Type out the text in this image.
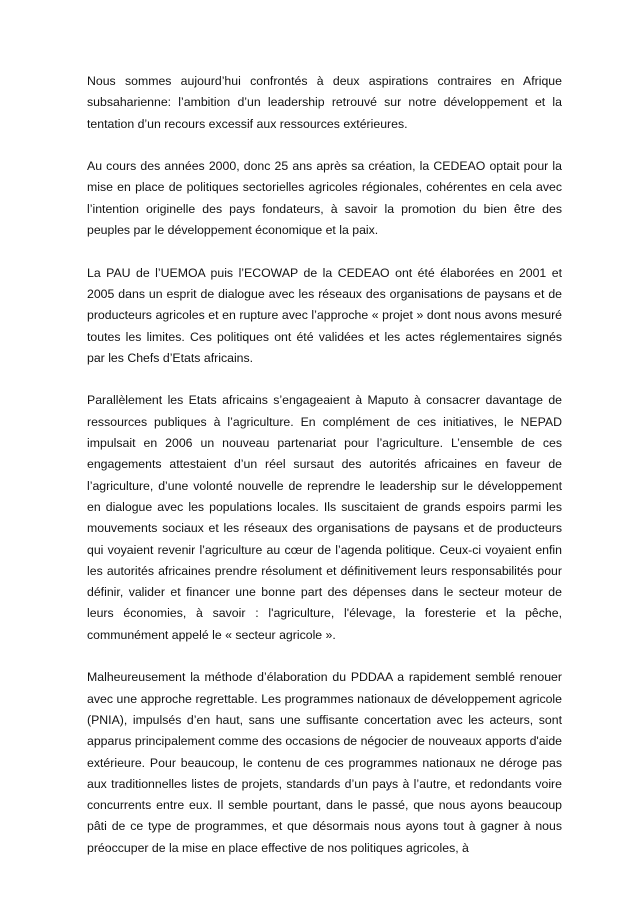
Nous sommes aujourd’hui confrontés à deux aspirations contraires en Afrique subsaharienne: l’ambition d’un leadership retrouvé sur notre développement et la tentation d’un recours excessif aux ressources extérieures.

Au cours des années 2000, donc 25 ans après sa création, la CEDEAO optait pour la mise en place de politiques sectorielles agricoles régionales, cohérentes en cela avec l’intention originelle des pays fondateurs, à savoir la promotion du bien être des peuples par le développement économique et la paix.

La PAU de l’UEMOA puis l’ECOWAP de la CEDEAO ont été élaborées en 2001 et 2005 dans un esprit de dialogue avec les réseaux des organisations de paysans et de producteurs agricoles et en rupture avec l’approche « projet » dont nous avons mesuré toutes les limites. Ces politiques ont été validées et les actes réglementaires signés par les Chefs d’Etats africains.

Parallèlement les Etats africains s’engageaient à Maputo à consacrer davantage de ressources publiques à l’agriculture. En complément de ces initiatives, le NEPAD impulsait en 2006 un nouveau partenariat pour l’agriculture. L’ensemble de ces engagements attestaient d’un réel sursaut des autorités africaines en faveur de l’agriculture, d’une volonté nouvelle de reprendre le leadership sur le développement en dialogue avec les populations locales. Ils suscitaient de grands espoirs parmi les mouvements sociaux et les réseaux des organisations de paysans et de producteurs qui voyaient revenir l’agriculture au cœur de l’agenda politique. Ceux-ci voyaient enfin les autorités africaines prendre résolument et définitivement leurs responsabilités pour définir, valider et financer une bonne part des dépenses dans le secteur moteur de leurs économies, à savoir : l'agriculture, l'élevage, la foresterie et la pêche, communément appelé le « secteur agricole ».

Malheureusement la méthode d’élaboration du PDDAA a rapidement semblé renouer avec une approche regrettable. Les programmes nationaux de développement agricole (PNIA), impulsés d’en haut, sans une suffisante concertation avec les acteurs, sont apparus principalement comme des occasions de négocier de nouveaux apports d'aide extérieure. Pour beaucoup, le contenu de ces programmes nationaux ne déroge pas aux traditionnelles listes de projets, standards d’un pays à l’autre, et redondants voire concurrents entre eux. Il semble pourtant, dans le passé, que nous ayons beaucoup pâti de ce type de programmes, et que désormais nous ayons tout à gagner à nous préoccuper de la mise en place effective de nos politiques agricoles, à
